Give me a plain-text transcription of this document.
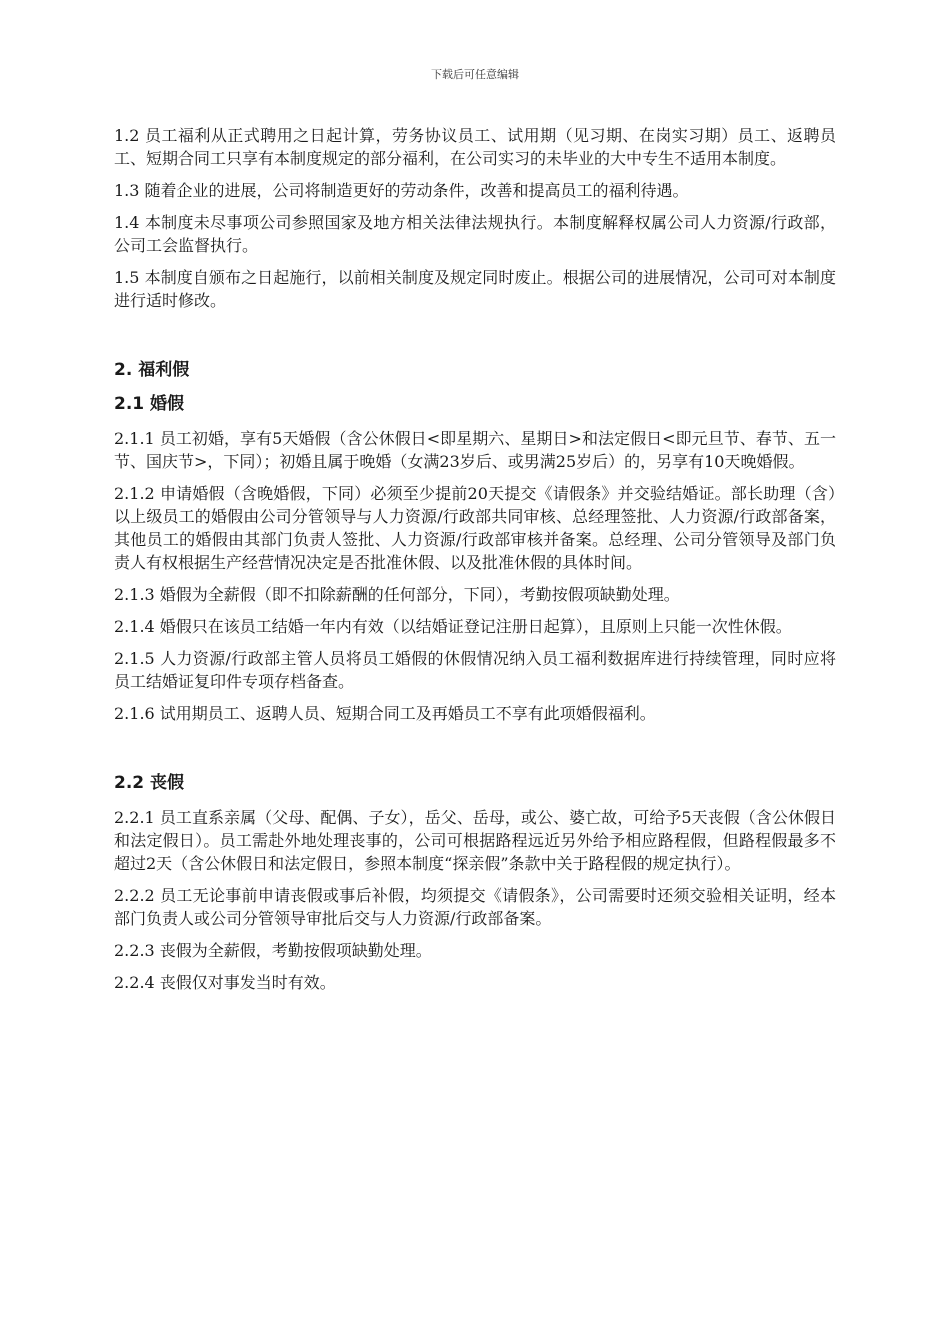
下载后可任意编辑

1.2 员工福利从正式聘用之日起计算，劳务协议员工、试用期（见习期、在岗实习期）员工、返聘员工、短期合同工只享有本制度规定的部分福利，在公司实习的未毕业的大中专生不适用本制度。

1.3 随着企业的进展，公司将制造更好的劳动条件，改善和提高员工的福利待遇。

1.4 本制度未尽事项公司参照国家及地方相关法律法规执行。本制度解释权属公司人力资源/行政部，公司工会监督执行。

1.5 本制度自颁布之日起施行，以前相关制度及规定同时废止。根据公司的进展情况，公司可对本制度进行适时修改。

2. 福利假
2.1 婚假

2.1.1 员工初婚，享有5天婚假（含公休假日<即星期六、星期日>和法定假日<即元旦节、春节、五一节、国庆节>，下同）；初婚且属于晚婚（女满23岁后、或男满25岁后）的，另享有10天晚婚假。

2.1.2 申请婚假（含晚婚假，下同）必须至少提前20天提交《请假条》并交验结婚证。部长助理（含）以上级员工的婚假由公司分管领导与人力资源/行政部共同审核、总经理签批、人力资源/行政部备案，其他员工的婚假由其部门负责人签批、人力资源/行政部审核并备案。总经理、公司分管领导及部门负责人有权根据生产经营情况决定是否批准休假、以及批准休假的具体时间。

2.1.3 婚假为全薪假（即不扣除薪酬的任何部分，下同），考勤按假项缺勤处理。

2.1.4 婚假只在该员工结婚一年内有效（以结婚证登记注册日起算），且原则上只能一次性休假。

2.1.5 人力资源/行政部主管人员将员工婚假的休假情况纳入员工福利数据库进行持续管理，同时应将员工结婚证复印件专项存档备查。

2.1.6 试用期员工、返聘人员、短期合同工及再婚员工不享有此项婚假福利。

2.2 丧假

2.2.1 员工直系亲属（父母、配偶、子女），岳父、岳母，或公、婆亡故，可给予5天丧假（含公休假日和法定假日）。员工需赴外地处理丧事的，公司可根据路程远近另外给予相应路程假，但路程假最多不超过2天（含公休假日和法定假日，参照本制度“探亲假”条款中关于路程假的规定执行）。

2.2.2 员工无论事前申请丧假或事后补假，均须提交《请假条》，公司需要时还须交验相关证明，经本部门负责人或公司分管领导审批后交与人力资源/行政部备案。

2.2.3 丧假为全薪假，考勤按假项缺勤处理。

2.2.4 丧假仅对事发当时有效。
